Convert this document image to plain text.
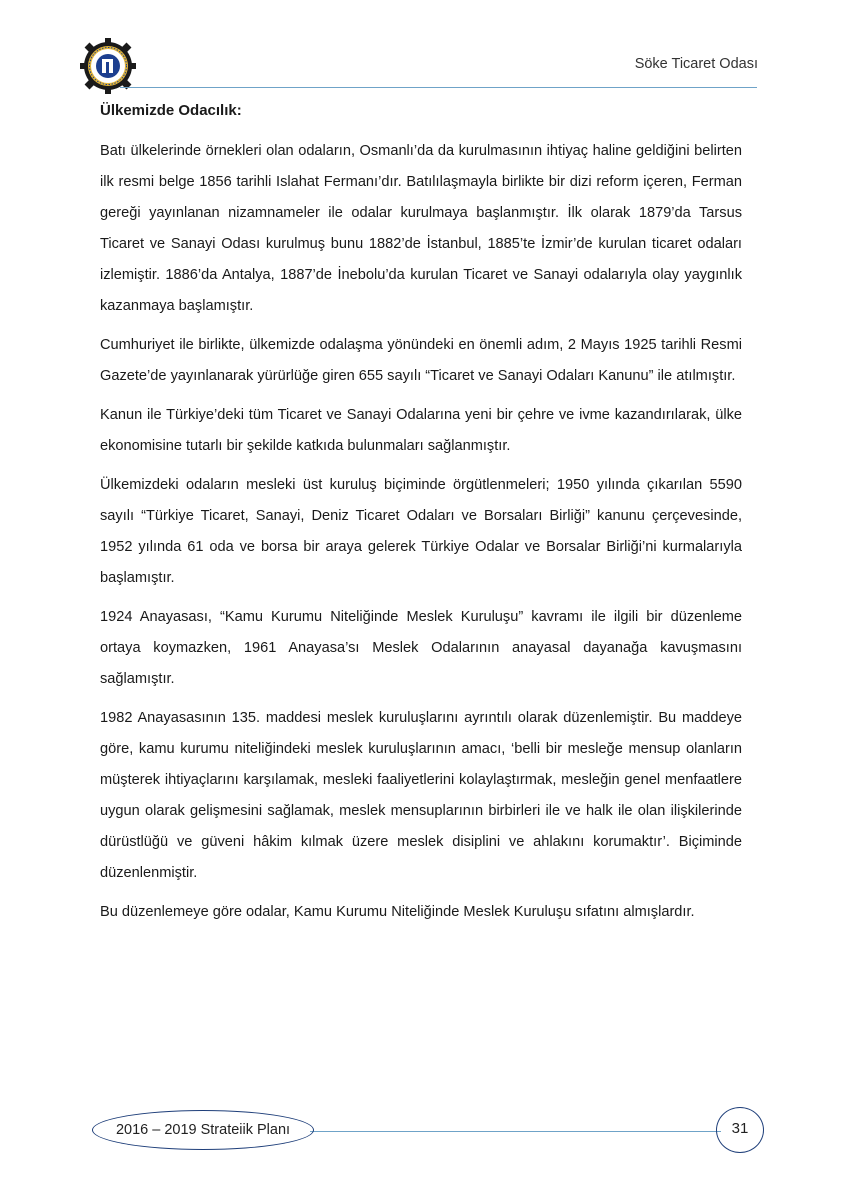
Söke Ticaret Odası
Ülkemizde Odacılık:

Batı ülkelerinde örnekleri olan odaların, Osmanlı’da da kurulmasının ihtiyaç haline geldiğini belirten ilk resmi belge 1856 tarihli Islahat Fermanı’dır. Batılılaşmayla birlikte bir dizi reform içeren, Ferman gereği yayınlanan nizamnameler ile odalar kurulmaya başlanmıştır. İlk olarak 1879’da Tarsus Ticaret ve Sanayi Odası kurulmuş bunu 1882’de İstanbul, 1885’te İzmir’de kurulan ticaret odaları izlemiştir. 1886’da Antalya, 1887’de İnebolu’da kurulan Ticaret ve Sanayi odalarıyla olay yaygınlık kazanmaya başlamıştır.

Cumhuriyet ile birlikte, ülkemizde odalaşma yönündeki en önemli adım, 2 Mayıs 1925 tarihli Resmi Gazete’de yayınlanarak yürürlüğe giren 655 sayılı “Ticaret ve Sanayi Odaları Kanunu” ile atılmıştır.

Kanun ile Türkiye’deki tüm Ticaret ve Sanayi Odalarına yeni bir çehre ve ivme kazandırılarak, ülke ekonomisine tutarlı bir şekilde katkıda bulunmaları sağlanmıştır.

Ülkemizdeki odaların mesleki üst kuruluş biçiminde örgütlenmeleri; 1950 yılında çıkarılan 5590 sayılı “Türkiye Ticaret, Sanayi, Deniz Ticaret Odaları ve Borsaları Birliği” kanunu çerçevesinde, 1952 yılında 61 oda ve borsa bir araya gelerek Türkiye Odalar ve Borsalar Birliği’ni kurmalarıyla başlamıştır.

1924 Anayasası, “Kamu Kurumu Niteliğinde Meslek Kuruluşu” kavramı ile ilgili bir düzenleme ortaya koymazken, 1961 Anayasa’sı Meslek Odalarının anayasal dayanağa kavuşmasını sağlamıştır.

1982 Anayasasının 135. maddesi meslek kuruluşlarını ayrıntılı olarak düzenlemiştir. Bu maddeye göre, kamu kurumu niteliğindeki meslek kuruluşlarının amacı, ‘belli bir mesleğe mensup olanların müşterek ihtiyaçlarını karşılamak, mesleki faaliyetlerini kolaylaştırmak, mesleğin genel menfaatlere uygun olarak gelişmesini sağlamak, meslek mensuplarının birbirleri ile ve halk ile olan ilişkilerinde dürüstlüğü ve güveni hâkim kılmak üzere meslek disiplini ve ahlakını korumaktır’. Biçiminde düzenlenmiştir.

Bu düzenlemeye göre odalar, Kamu Kurumu Niteliğinde Meslek Kuruluşu sıfatını almışlardır.

2016 – 2019 Strateiik Planı	31
